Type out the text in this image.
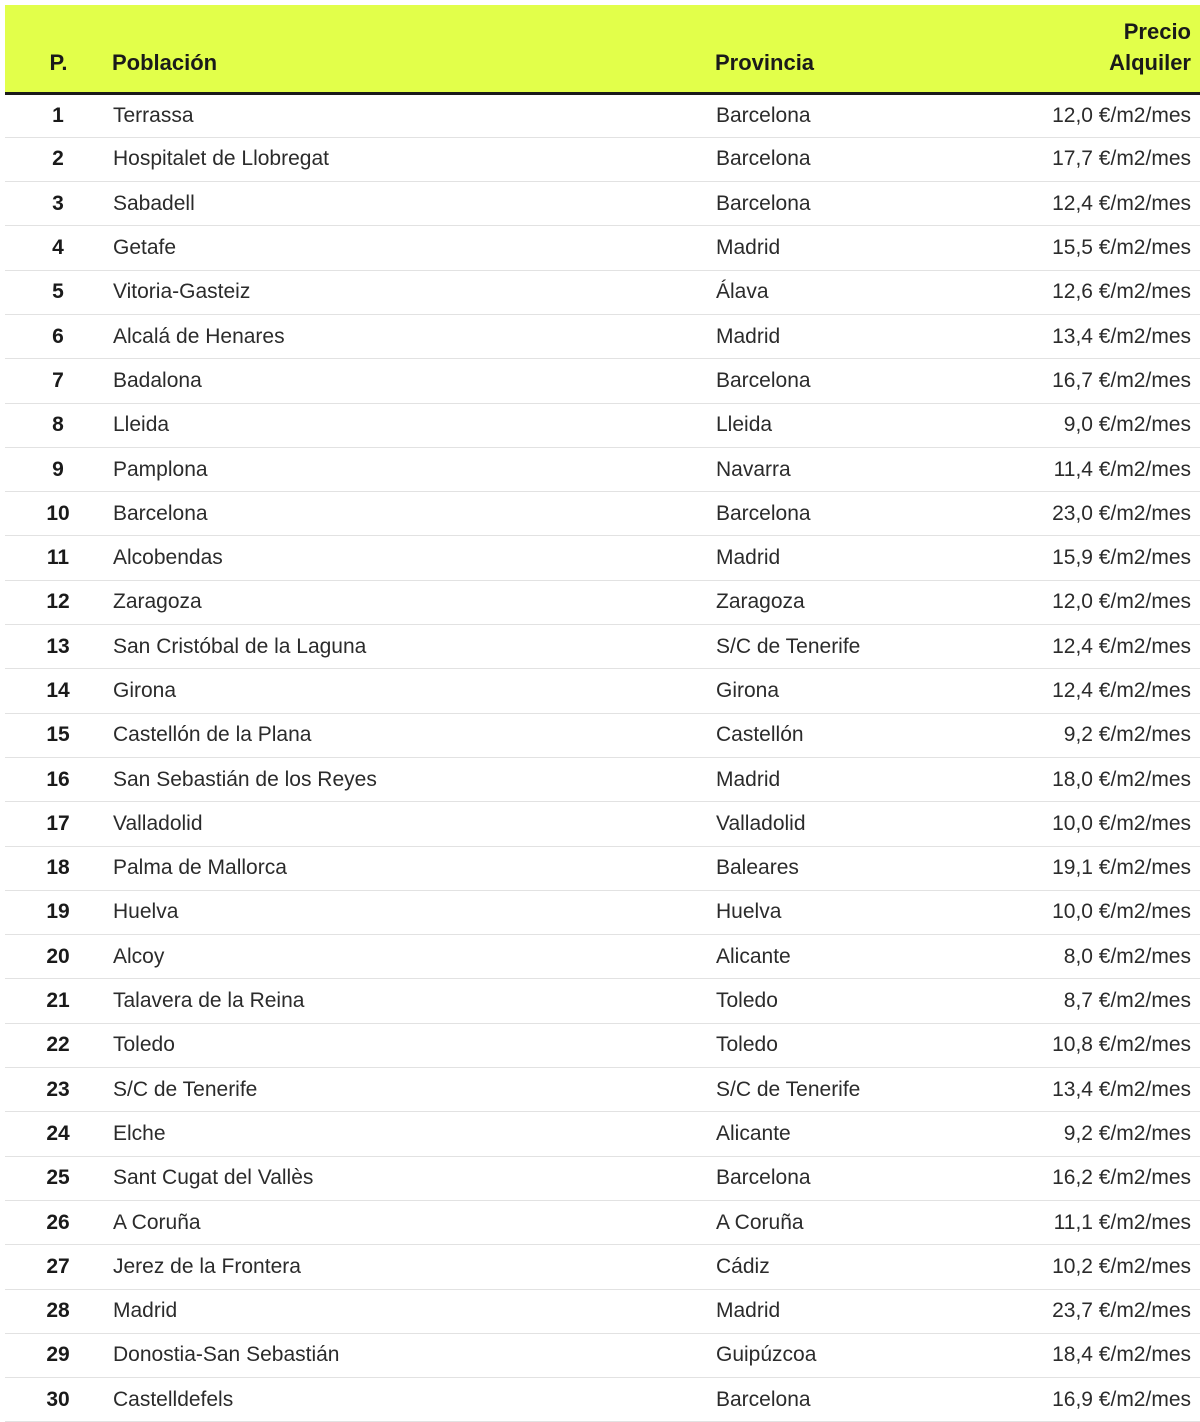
P.	Población	Provincia	Precio
Alquiler

1	Terrassa	Barcelona	12,0 €/m2/mes
2	Hospitalet de Llobregat	Barcelona	17,7 €/m2/mes
3	Sabadell	Barcelona	12,4 €/m2/mes
4	Getafe	Madrid	15,5 €/m2/mes
5	Vitoria-Gasteiz	Álava	12,6 €/m2/mes
6	Alcalá de Henares	Madrid	13,4 €/m2/mes
7	Badalona	Barcelona	16,7 €/m2/mes
8	Lleida	Lleida	9,0 €/m2/mes
9	Pamplona	Navarra	11,4 €/m2/mes
10	Barcelona	Barcelona	23,0 €/m2/mes
11	Alcobendas	Madrid	15,9 €/m2/mes
12	Zaragoza	Zaragoza	12,0 €/m2/mes
13	San Cristóbal de la Laguna	S/C de Tenerife	12,4 €/m2/mes
14	Girona	Girona	12,4 €/m2/mes
15	Castellón de la Plana	Castellón	9,2 €/m2/mes
16	San Sebastián de los Reyes	Madrid	18,0 €/m2/mes
17	Valladolid	Valladolid	10,0 €/m2/mes
18	Palma de Mallorca	Baleares	19,1 €/m2/mes
19	Huelva	Huelva	10,0 €/m2/mes
20	Alcoy	Alicante	8,0 €/m2/mes
21	Talavera de la Reina	Toledo	8,7 €/m2/mes
22	Toledo	Toledo	10,8 €/m2/mes
23	S/C de Tenerife	S/C de Tenerife	13,4 €/m2/mes
24	Elche	Alicante	9,2 €/m2/mes
25	Sant Cugat del Vallès	Barcelona	16,2 €/m2/mes
26	A Coruña	A Coruña	11,1 €/m2/mes
27	Jerez de la Frontera	Cádiz	10,2 €/m2/mes
28	Madrid	Madrid	23,7 €/m2/mes
29	Donostia-San Sebastián	Guipúzcoa	18,4 €/m2/mes
30	Castelldefels	Barcelona	16,9 €/m2/mes
